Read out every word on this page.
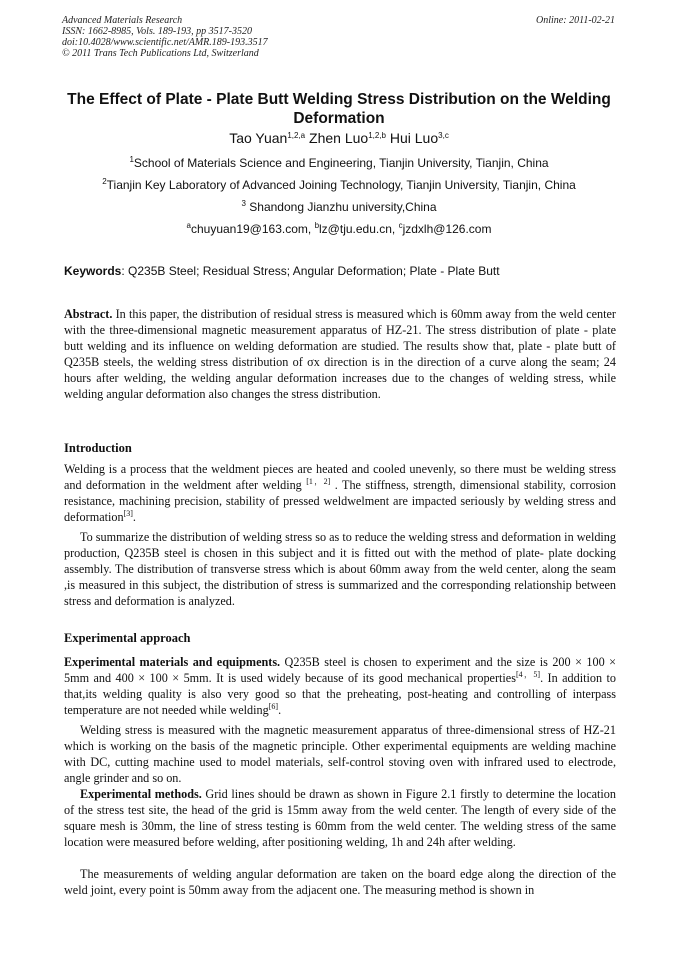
Advanced Materials Research
ISSN: 1662-8985, Vols. 189-193, pp 3517-3520
doi:10.4028/www.scientific.net/AMR.189-193.3517
© 2011 Trans Tech Publications Ltd, Switzerland
Online: 2011-02-21
The Effect of Plate - Plate Butt Welding Stress Distribution on the Welding Deformation
Tao Yuan$^{1,2,a}$ Zhen Luo$^{1,2,b}$ Hui Luo$^{3,c}$
$^1$School of Materials Science and Engineering, Tianjin University, Tianjin, China
$^2$Tianjin Key Laboratory of Advanced Joining Technology, Tianjin University, Tianjin, China
$^3$ Shandong Jianzhu university,China
$^a$chuyuan19@163.com, $^b$lz@tju.edu.cn, $^c$jzdxlh@126.com
Keywords: Q235B Steel; Residual Stress; Angular Deformation; Plate - Plate Butt

Abstract. In this paper, the distribution of residual stress is measured which is 60mm away from the weld center with the three-dimensional magnetic measurement apparatus of HZ-21. The stress distribution of plate - plate butt welding and its influence on welding deformation are studied. The results show that, plate - plate butt of Q235B steels, the welding stress distribution of σx direction is in the direction of a curve along the seam; 24 hours after welding, the welding angular deformation increases due to the changes of welding stress, while welding angular deformation also changes the stress distribution.

Introduction

Welding is a process that the weldment pieces are heated and cooled unevenly, so there must be welding stress and deformation in the weldment after welding [1，2] . The stiffness, strength, dimensional stability, corrosion resistance, machining precision, stability of pressed weldwelment are impacted seriously by welding stress and deformation[3].

To summarize the distribution of welding stress so as to reduce the welding stress and deformation in welding production, Q235B steel is chosen in this subject and it is fitted out with the method of plate- plate docking assembly. The distribution of transverse stress which is about 60mm away from the weld center, along the seam ,is measured in this subject, the distribution of stress is summarized and the corresponding relationship between stress and deformation is analyzed.

Experimental approach

Experimental materials and equipments. Q235B steel is chosen to experiment and the size is 200 × 100 × 5mm and 400 × 100 × 5mm. It is used widely because of its good mechanical properties[4，5]. In addition to that,its welding quality is also very good so that the preheating, post-heating and controlling of interpass temperature are not needed while welding[6].

Welding stress is measured with the magnetic measurement apparatus of three-dimensional stress of HZ-21 which is working on the basis of the magnetic principle. Other experimental equipments are welding machine with DC, cutting machine used to model materials, self-control stoving oven with infrared used to electrode, angle grinder and so on.

Experimental methods. Grid lines should be drawn as shown in Figure 2.1 firstly to determine the location of the stress test site, the head of the grid is 15mm away from the weld center. The length of every side of the square mesh is 30mm, the line of stress testing is 60mm from the weld center. The welding stress of the same location were measured before welding, after positioning welding, 1h and 24h after welding.

The measurements of welding angular deformation are taken on the board edge along the direction of the weld joint, every point is 50mm away from the adjacent one. The measuring method is shown in
